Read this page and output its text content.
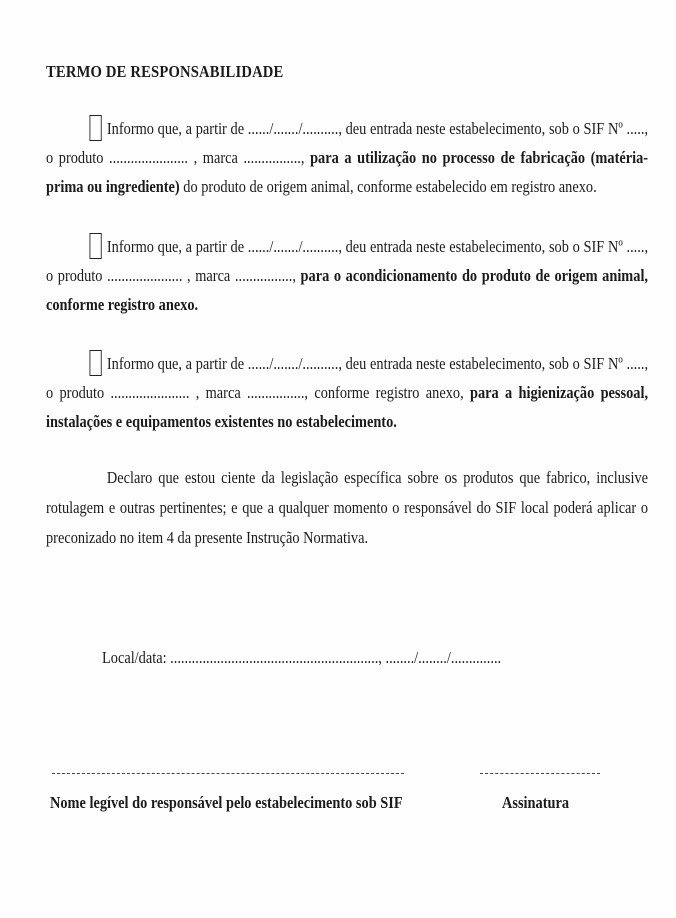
TERMO DE RESPONSABILIDADE
Informo que, a partir de ....../......./.........., deu entrada neste estabelecimento, sob o SIF Nº ....., o produto ...................... , marca ................, para a utilização no processo de fabricação (matéria-prima ou ingrediente) do produto de origem animal, conforme estabelecido em registro anexo.
Informo que, a partir de ....../......./.........., deu entrada neste estabelecimento, sob o SIF Nº ....., o produto ..................... , marca ................, para o acondicionamento do produto de origem animal, conforme registro anexo.
Informo que, a partir de ....../......./.........., deu entrada neste estabelecimento, sob o SIF Nº ....., o produto ...................... , marca ................, conforme registro anexo, para a higienização pessoal, instalações e equipamentos existentes no estabelecimento.
Declaro que estou ciente da legislação específica sobre os produtos que fabrico, inclusive rotulagem e outras pertinentes; e que a qualquer momento o responsável do SIF local poderá aplicar o preconizado no item 4 da presente Instrução Normativa.
Local/data: .........................................................., ......../......../..............
Nome legível do responsável pelo estabelecimento sob SIF	Assinatura
